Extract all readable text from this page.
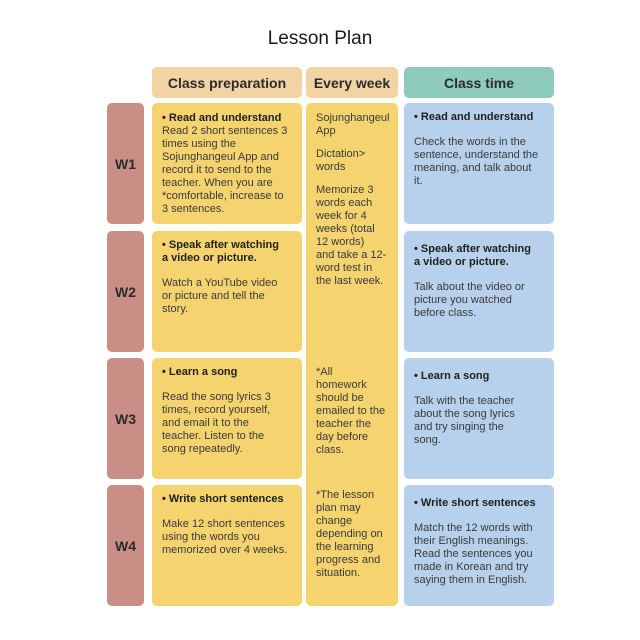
Lesson Plan
Class preparation	Every week	Class time
W1
W2
W3
W4
• Read and understand
Read 2 short sentences 3
times using the
Sojunghangeul App and
record it to send to the
teacher. When you are
*comfortable, increase to
3 sentences.
• Speak after watching
a video or picture.
Watch a YouTube video
or picture and tell the
story.
• Learn a song
Read the song lyrics 3
times, record yourself,
and email it to the
teacher. Listen to the
song repeatedly.
• Write short sentences
Make 12 short sentences
using the words you
memorized over 4 weeks.
Sojunghangeul
App
Dictation>
words
Memorize 3
words each
week for 4
weeks (total
12 words)
and take a 12-
word test in
the last week.
*All
homework
should be
emailed to the
teacher the
day before
class.
*The lesson
plan may
change
depending on
the learning
progress and
situation.
• Read and understand
Check the words in the
sentence, understand the
meaning, and talk about
it.
• Speak after watching
a video or picture.
Talk about the video or
picture you watched
before class.
• Learn a song
Talk with the teacher
about the song lyrics
and try singing the
song.
• Write short sentences
Match the 12 words with
their English meanings.
Read the sentences you
made in Korean and try
saying them in English.
